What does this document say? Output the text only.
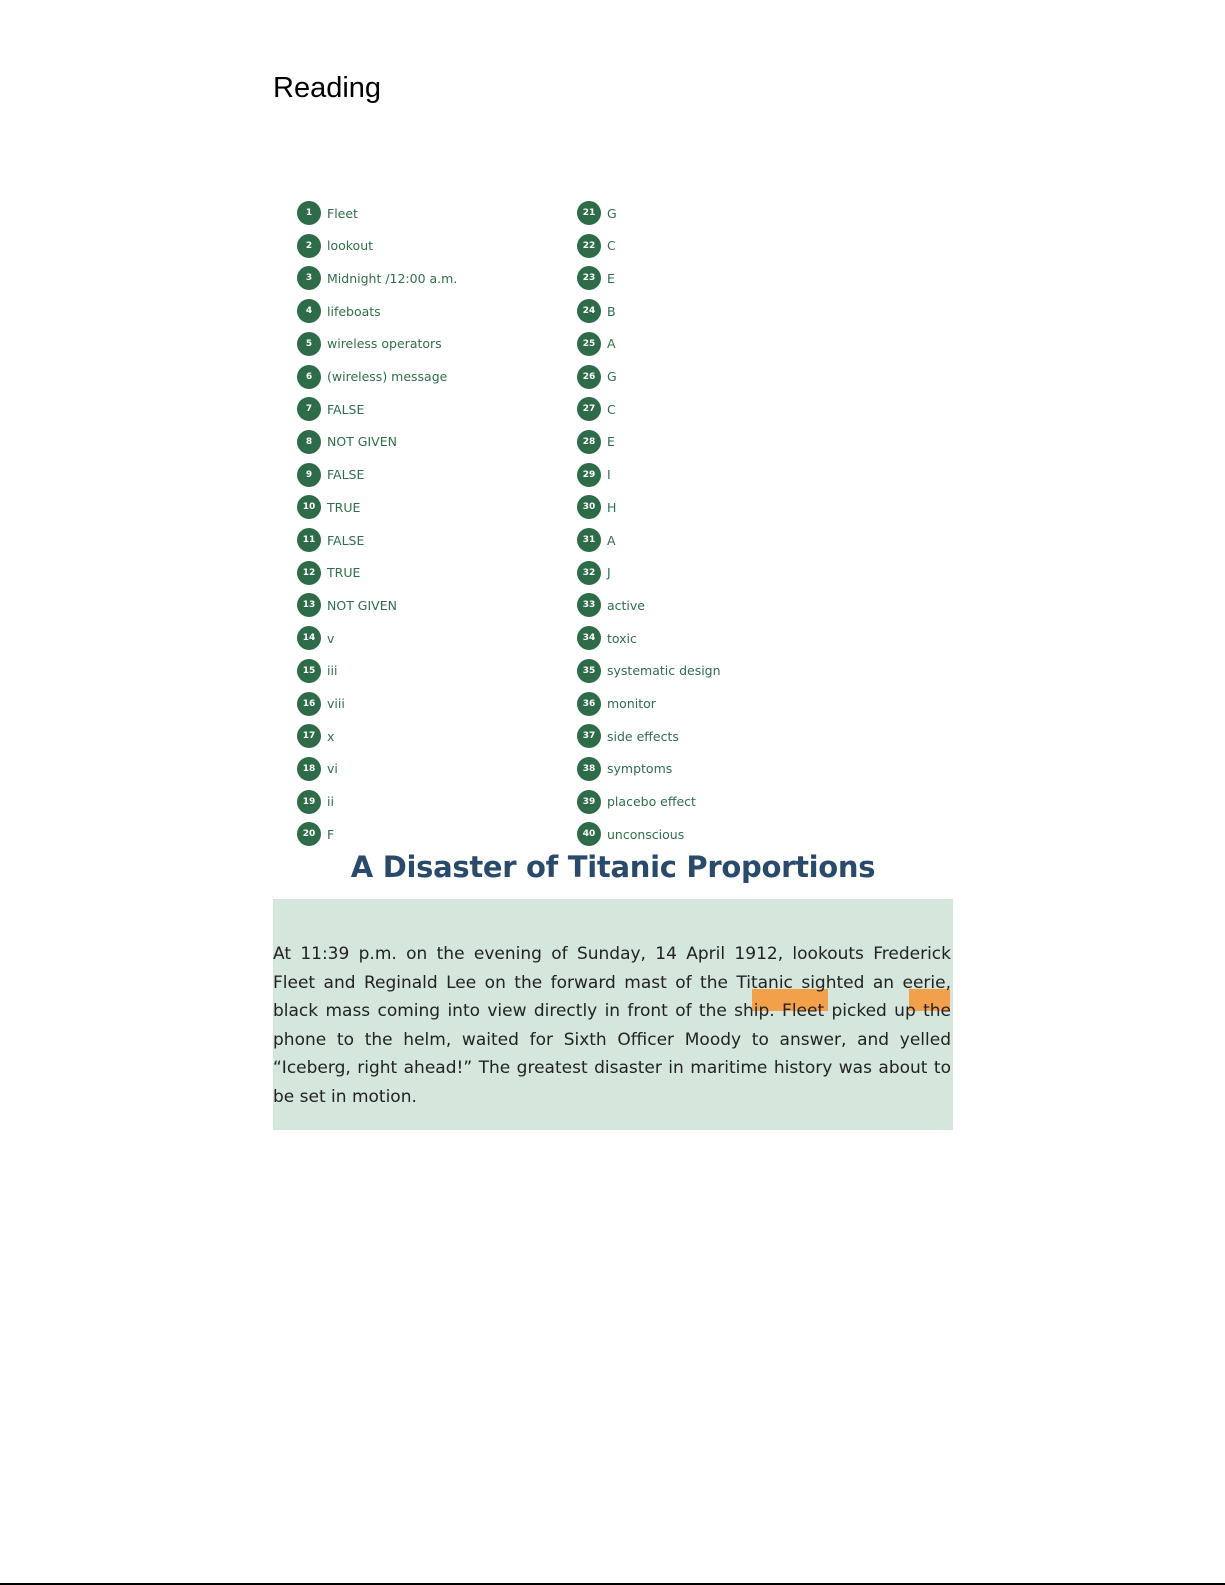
Reading
1	Fleet
2	lookout
3	Midnight /12:00 a.m.
4	lifeboats
5	wireless operators
6	(wireless) message
7	FALSE
8	NOT GIVEN
9	FALSE
10 TRUE
11 FALSE
12 TRUE
13 NOT GIVEN
14 v
15 iii
16 viii
17 x
18 vi
19 ii
20 F
21 G
22 C
23 E
24 B
25 A
26 G
27 C
28 E
29 I
30 H
31 A
32 J
33 active
34 toxic
35 systematic design
36 monitor
37 side effects
38 symptoms
39 placebo effect
40 unconscious
A Disaster of Titanic Proportions
At 11:39 p.m. on the evening of Sunday, 14 April 1912, lookouts Frederick Fleet and Reginald Lee on the forward mast of the Titanic sighted an eerie, black mass coming into view directly in front of the ship. Fleet picked up the phone to the helm, waited for Sixth Officer Moody to answer, and yelled “Iceberg, right ahead!” The greatest disaster in maritime history was about to be set in motion.
